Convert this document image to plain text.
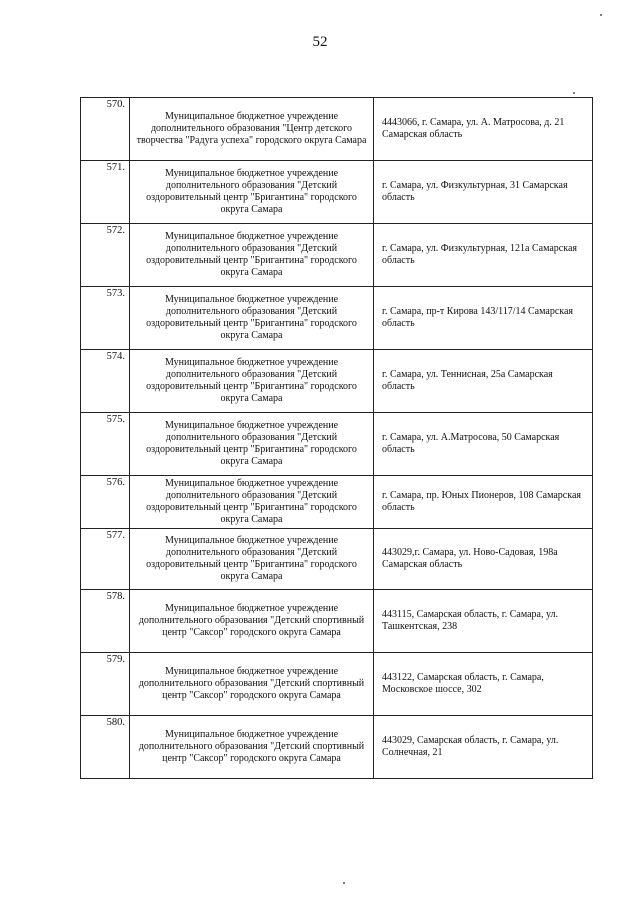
52
570.	Муниципальное бюджетное учреждение дополнительного образования "Центр детского творчества "Радуга успеха" городского округа Самара	4443066, г. Самара, ул. А. Матросова, д. 21 Самарская область

571.	Муниципальное бюджетное учреждение дополнительного образования "Детский оздоровительный центр "Бригантина" городского округа Самара	г. Самара, ул. Физкультурная, 31 Самарская область

572.	Муниципальное бюджетное учреждение дополнительного образования "Детский оздоровительный центр "Бригантина" городского округа Самара	г. Самара, ул. Физкультурная, 121а Самарская область

573.	Муниципальное бюджетное учреждение дополнительного образования "Детский оздоровительный центр "Бригантина" городского округа Самара	г. Самара, пр-т Кирова 143/117/14 Самарская область

574.	Муниципальное бюджетное учреждение дополнительного образования "Детский оздоровительный центр "Бригантина" городского округа Самара	г. Самара, ул. Теннисная, 25а Самарская область

575.	Муниципальное бюджетное учреждение дополнительного образования "Детский оздоровительный центр "Бригантина" городского округа Самара	г. Самара, ул. А.Матросова, 50 Самарская область

576.	Муниципальное бюджетное учреждение дополнительного образования "Детский оздоровительный центр "Бригантина" городского округа Самара	г. Самара, пр. Юных Пионеров, 108 Самарская область

577.	Муниципальное бюджетное учреждение дополнительного образования "Детский оздоровительный центр "Бригантина" городского округа Самара	443029,г. Самара, ул. Ново-Садовая, 198а Самарская область

578.	Муниципальное бюджетное учреждение дополнительного образования "Детский спортивный центр "Саксор" городского округа Самара	443115, Самарская область, г. Самара, ул. Ташкентская, 238

579.	Муниципальное бюджетное учреждение дополнительного образования "Детский спортивный центр "Саксор" городского округа Самара	443122, Самарская область, г. Самара, Московское шоссе, 302

580.	Муниципальное бюджетное учреждение дополнительного образования "Детский спортивный центр "Саксор" городского округа Самара	443029, Самарская область, г. Самара, ул. Солнечная, 21
